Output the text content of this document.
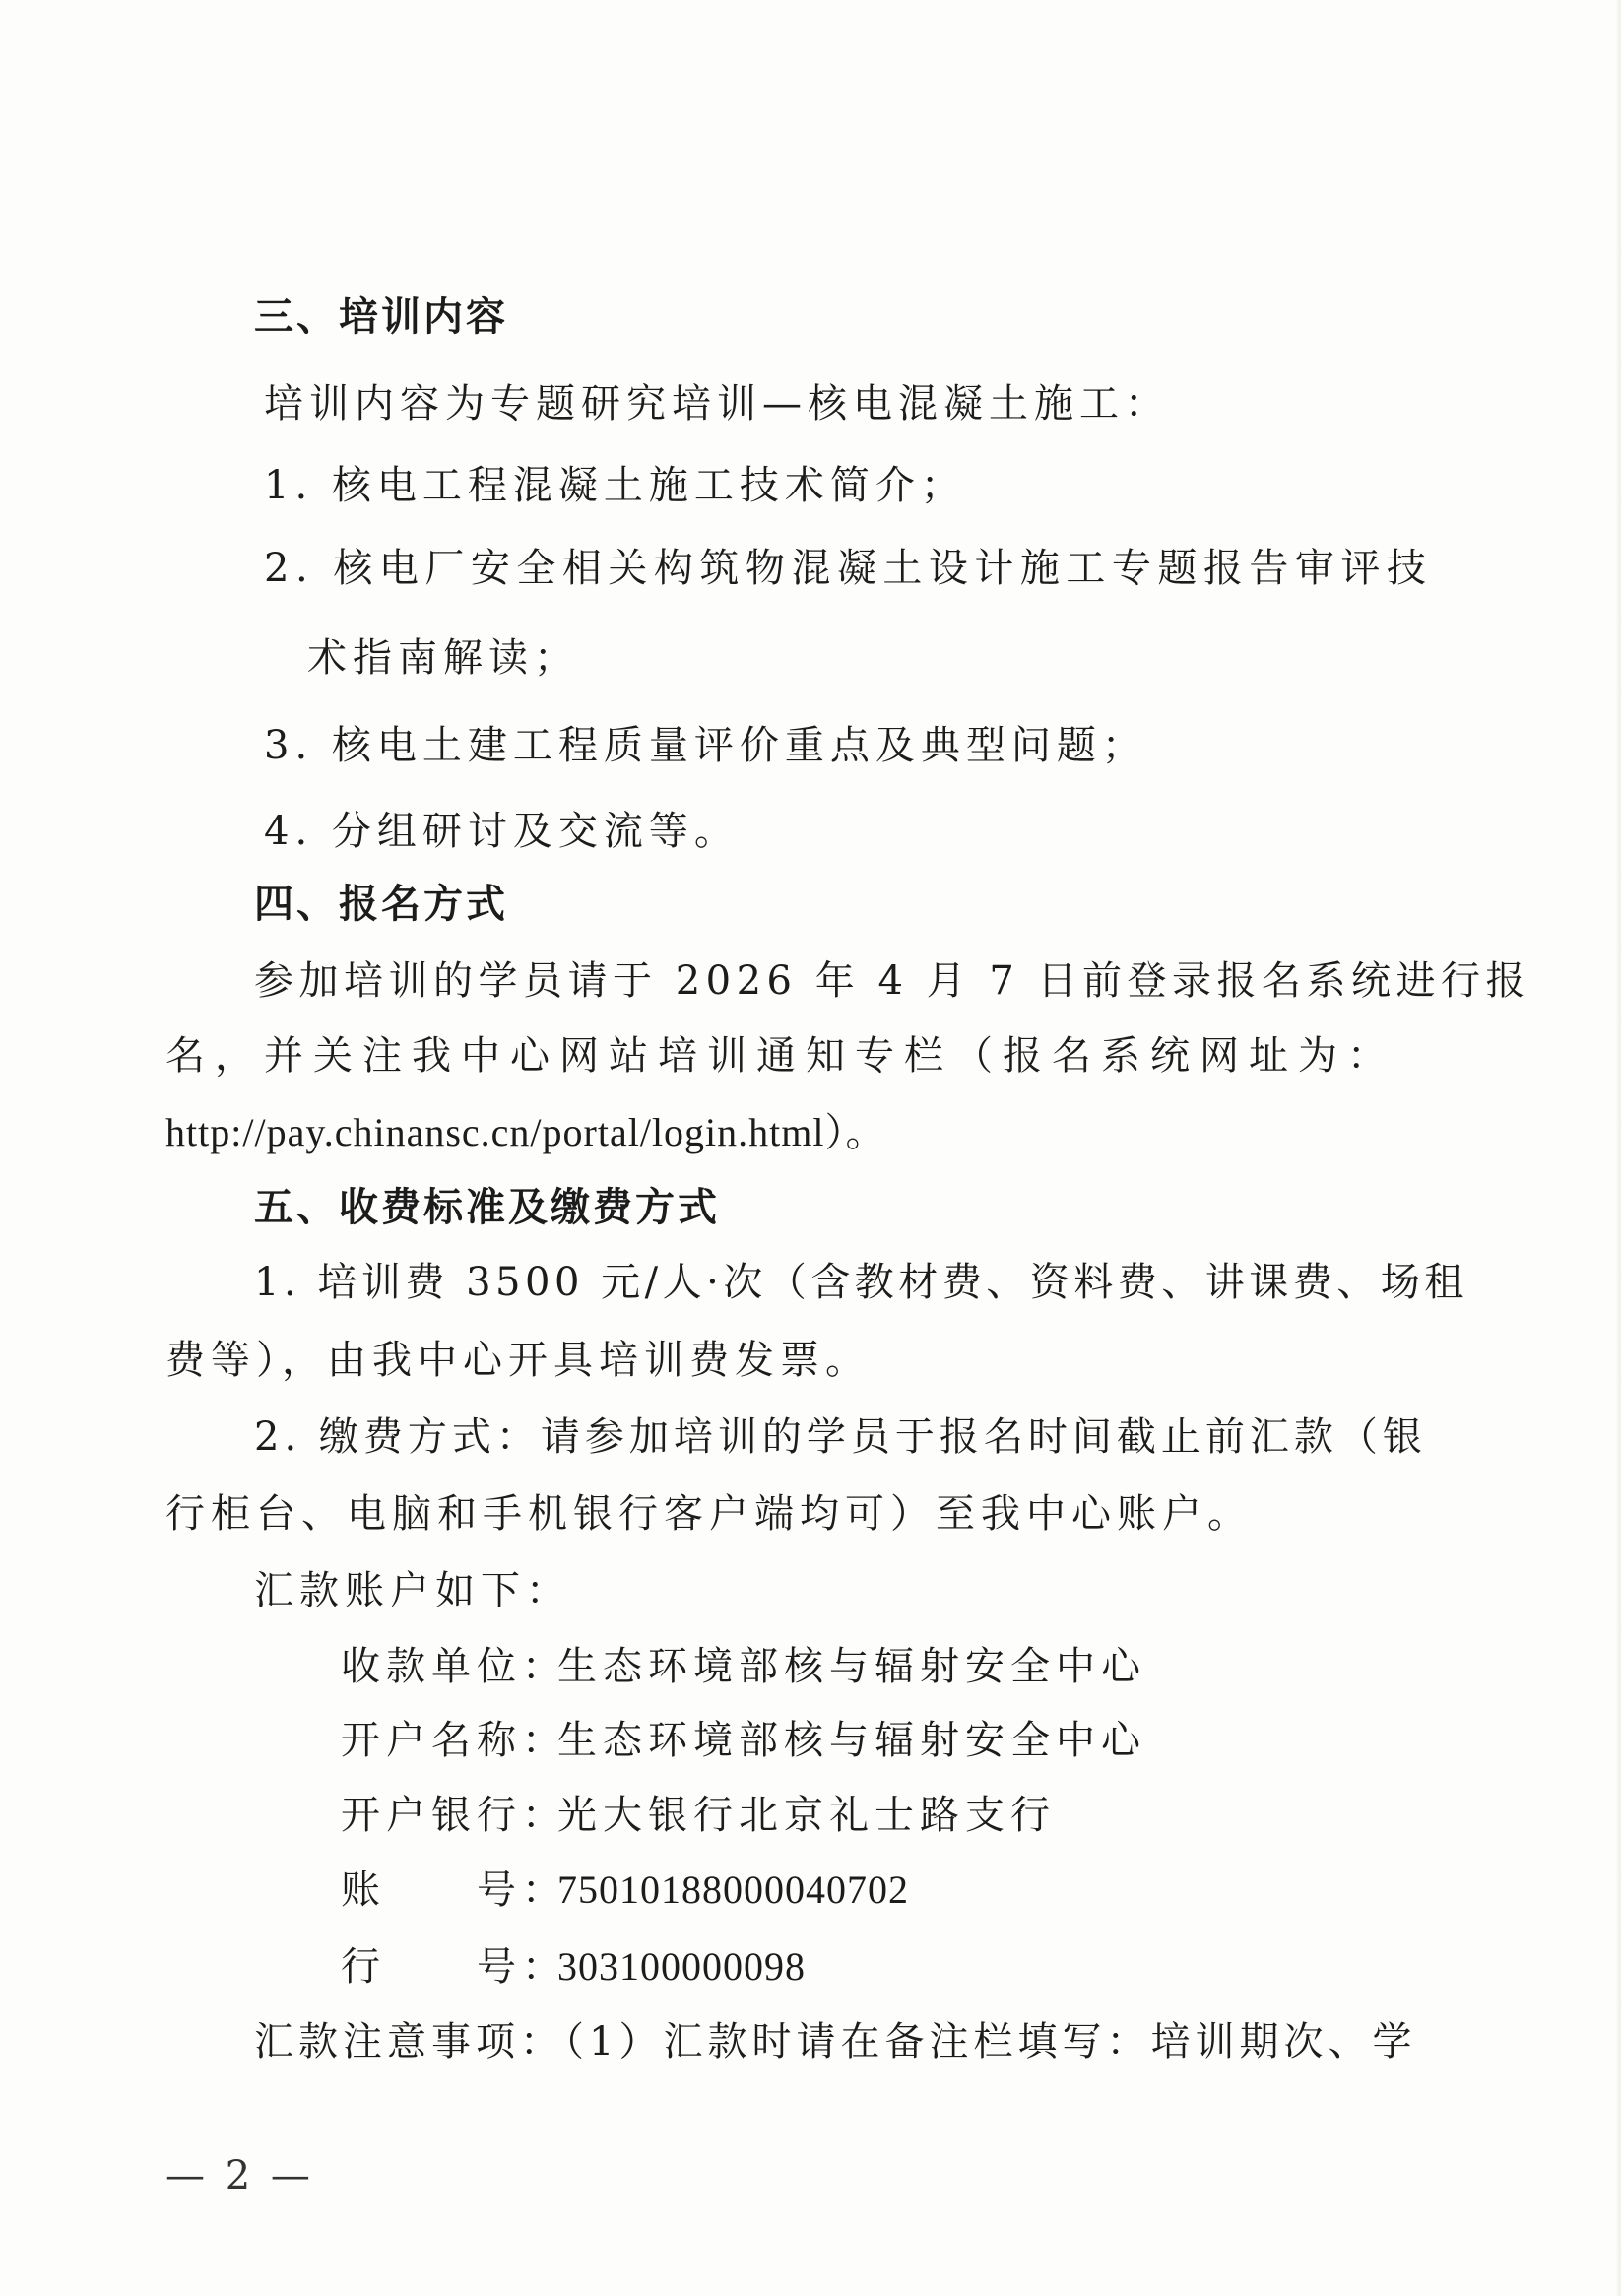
三、培训内容
培训内容为专题研究培训—核电混凝土施工：
1. 核电工程混凝土施工技术简介；
2. 核电厂安全相关构筑物混凝土设计施工专题报告审评技
术指南解读；
3. 核电土建工程质量评价重点及典型问题；
4. 分组研讨及交流等。
四、报名方式
参加培训的学员请于 2026 年 4 月 7 日前登录报名系统进行报
名，并关注我中心网站培训通知专栏（报名系统网址为：
http://pay.chinansc.cn/portal/login.html）。
五、收费标准及缴费方式
1. 培训费 3500 元/人·次（含教材费、资料费、讲课费、场租
费等），由我中心开具培训费发票。
2. 缴费方式：请参加培训的学员于报名时间截止前汇款（银
行柜台、电脑和手机银行客户端均可）至我中心账户。
汇款账户如下：
收款单位：生态环境部核与辐射安全中心
开户名称：生态环境部核与辐射安全中心
开户银行：光大银行北京礼士路支行
账　　号：75010188000040702
行　　号：303100000098
汇款注意事项：（1）汇款时请在备注栏填写：培训期次、学
— 2 —
